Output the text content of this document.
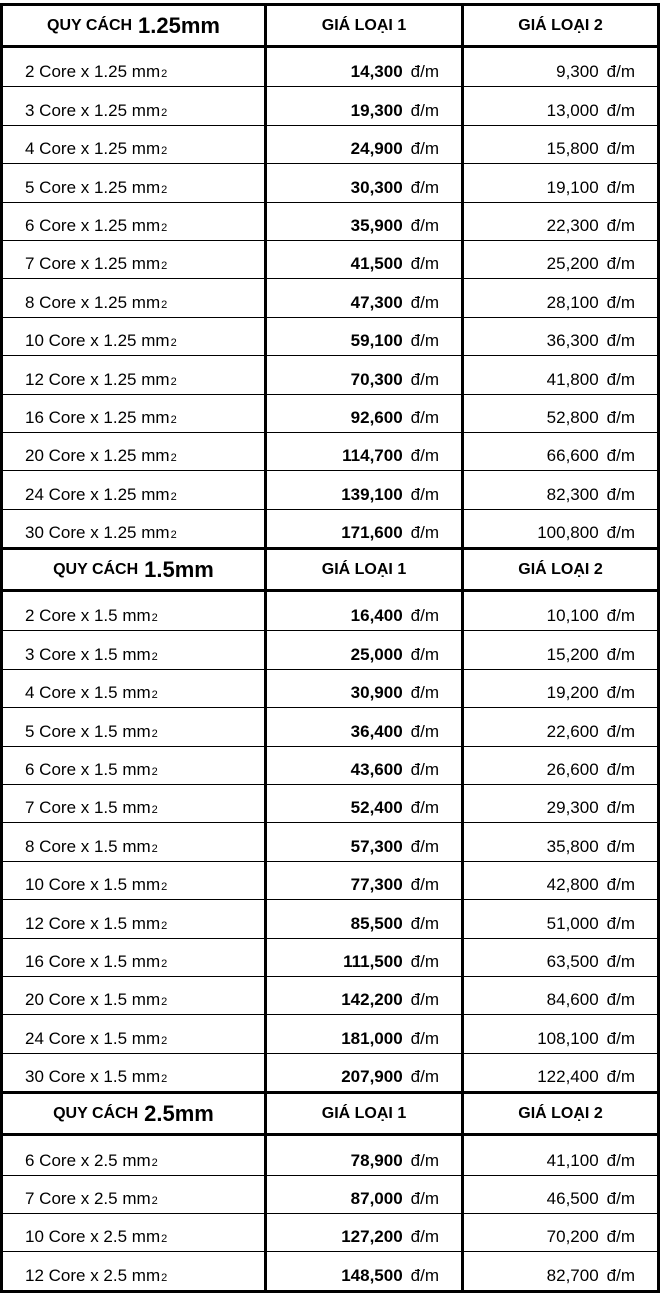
QUY CÁCH 1.25mm	GIÁ LOẠI 1	GIÁ LOẠI 2
2 Core x 1.25 $mm^2$	14,300 đ/m	9,300 đ/m
3 Core x 1.25 $mm^2$	19,300 đ/m	13,000 đ/m
4 Core x 1.25 $mm^2$	24,900 đ/m	15,800 đ/m
5 Core x 1.25 $mm^2$	30,300 đ/m	19,100 đ/m
6 Core x 1.25 $mm^2$	35,900 đ/m	22,300 đ/m
7 Core x 1.25 $mm^2$	41,500 đ/m	25,200 đ/m
8 Core x 1.25 $mm^2$	47,300 đ/m	28,100 đ/m
10 Core x 1.25 $mm^2$	59,100 đ/m	36,300 đ/m
12 Core x 1.25 $mm^2$	70,300 đ/m	41,800 đ/m
16 Core x 1.25 $mm^2$	92,600 đ/m	52,800 đ/m
20 Core x 1.25 $mm^2$	114,700 đ/m	66,600 đ/m
24 Core x 1.25 $mm^2$	139,100 đ/m	82,300 đ/m
30 Core x 1.25 $mm^2$	171,600 đ/m	100,800 đ/m
QUY CÁCH 1.5mm	GIÁ LOẠI 1	GIÁ LOẠI 2
2 Core x 1.5 $mm^2$	16,400 đ/m	10,100 đ/m
3 Core x 1.5 $mm^2$	25,000 đ/m	15,200 đ/m
4 Core x 1.5 $mm^2$	30,900 đ/m	19,200 đ/m
5 Core x 1.5 $mm^2$	36,400 đ/m	22,600 đ/m
6 Core x 1.5 $mm^2$	43,600 đ/m	26,600 đ/m
7 Core x 1.5 $mm^2$	52,400 đ/m	29,300 đ/m
8 Core x 1.5 $mm^2$	57,300 đ/m	35,800 đ/m
10 Core x 1.5 $mm^2$	77,300 đ/m	42,800 đ/m
12 Core x 1.5 $mm^2$	85,500 đ/m	51,000 đ/m
16 Core x 1.5 $mm^2$	111,500 đ/m	63,500 đ/m
20 Core x 1.5 $mm^2$	142,200 đ/m	84,600 đ/m
24 Core x 1.5 $mm^2$	181,000 đ/m	108,100 đ/m
30 Core x 1.5 $mm^2$	207,900 đ/m	122,400 đ/m
QUY CÁCH 2.5mm	GIÁ LOẠI 1	GIÁ LOẠI 2
6 Core x 2.5 $mm^2$	78,900 đ/m	41,100 đ/m
7 Core x 2.5 $mm^2$	87,000 đ/m	46,500 đ/m
10 Core x 2.5 $mm^2$	127,200 đ/m	70,200 đ/m
12 Core x 2.5 $mm^2$	148,500 đ/m	82,700 đ/m
